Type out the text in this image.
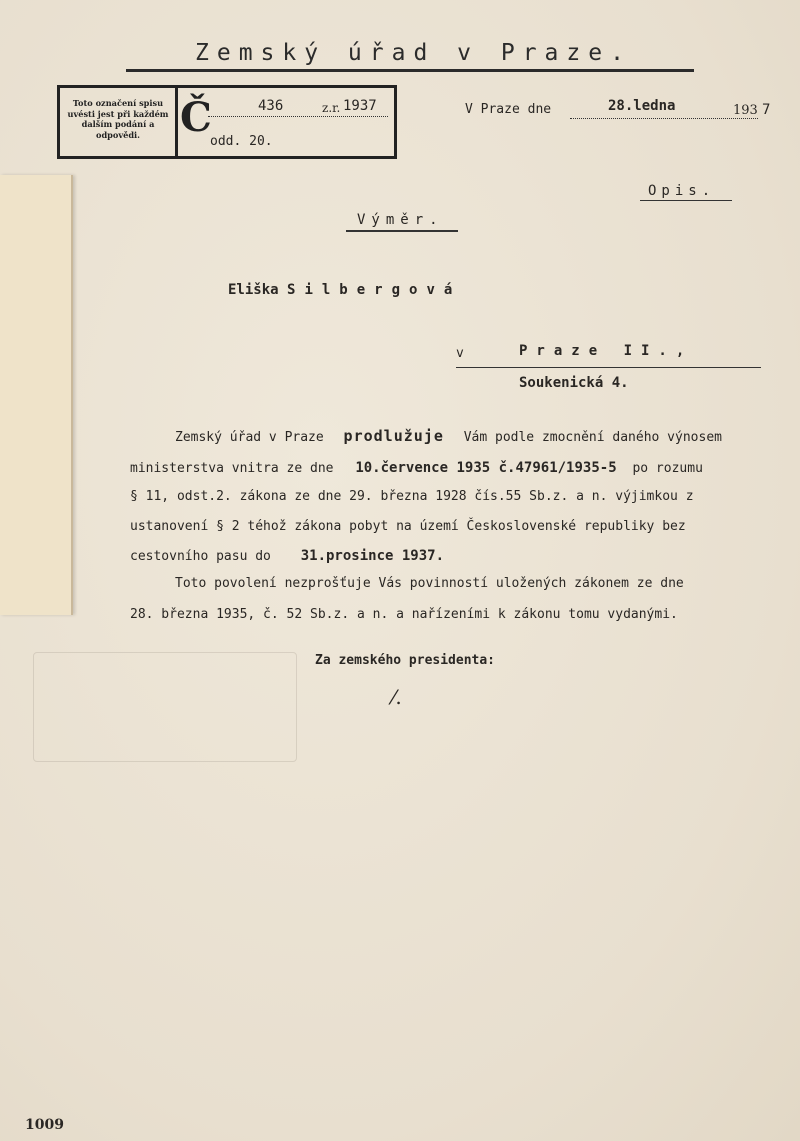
Zemský úřad v Praze.
Toto označení spisu uvésti jest při každém dalším podání a odpovědi. Č	436	z.r. 1937
odd. 20.
V Praze dne	28.ledna	193 7
Opis.
Výměr.
Eliška Silbergová
v	Praze II.,
Soukenická 4.
Zemský úřad v Praze prodlužuje Vám podle zmocnění daného výnosem
ministerstva vnitra ze dne 10.července 1935 č.47961/1935-5 po rozumu
§ 11, odst.2. zákona ze dne 29. března 1928 čís.55 Sb.z. a n. výjimkou z
ustanovení § 2 téhož zákona pobyt na území Československé republiky bez
cestovního pasu do 31.prosince 1937.
Toto povolení nezprošťuje Vás povinností uložených zákonem ze dne
28. března 1935, č. 52 Sb.z. a n. a nařízeními k zákonu tomu vydanými.
Za zemského presidenta:
⁄.
1009
